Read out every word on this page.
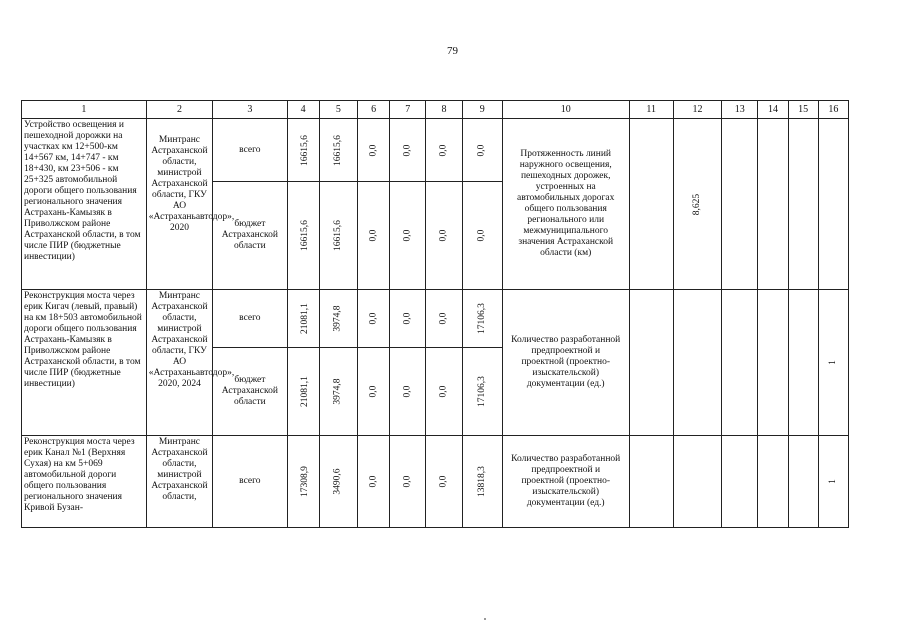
79
1	2	3	4	5	6	7	8	9	10	11	12	13	14	15	16
Устройство освещения и пешеходной дорожки на участках км 12+500-км 14+567 км, 14+747 - км 18+430, км 23+506 - км 25+325 автомобильной дороги общего пользования регионального значения Астрахань-Камызяк в Приволжском районе Астраханской области, в том числе ПИР (бюджетные инвестиции)	Минтранс Астраханской области, министрой Астраханской области, ГКУ АО «Астраханьавтодор», 2020	всего	16615,6	16615,6	0,0	0,0	0,0	0,0	Протяженность линий наружного освещения, пешеходных дорожек, устроенных на автомобильных дорогах общего пользования регионального или межмуниципального значения Астраханской области (км)		8,625				
		бюджет Астраханской области	16615,6	16615,6	0,0	0,0	0,0	0,0							
Реконструкция моста через ерик Кигач (левый, правый) на км 18+503 автомобильной дороги общего пользования Астрахань-Камызяк в Приволжском районе Астраханской области, в том числе ПИР (бюджетные инвестиции)	Минтранс Астраханской области, министрой Астраханской области, ГКУ АО «Астраханьавтодор», 2020, 2024	всего	21081,1	3974,8	0,0	0,0	0,0	17106,3	Количество разработанной предпроектной и проектной (проектно-изыскательской) документации (ед.)						1
		бюджет Астраханской области	21081,1	3974,8	0,0	0,0	0,0	17106,3							
Реконструкция моста через ерик Канал №1 (Верхняя Сухая) на км 5+069 автомобильной дороги общего пользования регионального значения Кривой Бузан-	Минтранс Астраханской области, министрой Астраханской области,	всего	17308,9	3490,6	0,0	0,0	0,0	13818,3	Количество разработанной предпроектной и проектной (проектно-изыскательской) документации (ед.)						1
